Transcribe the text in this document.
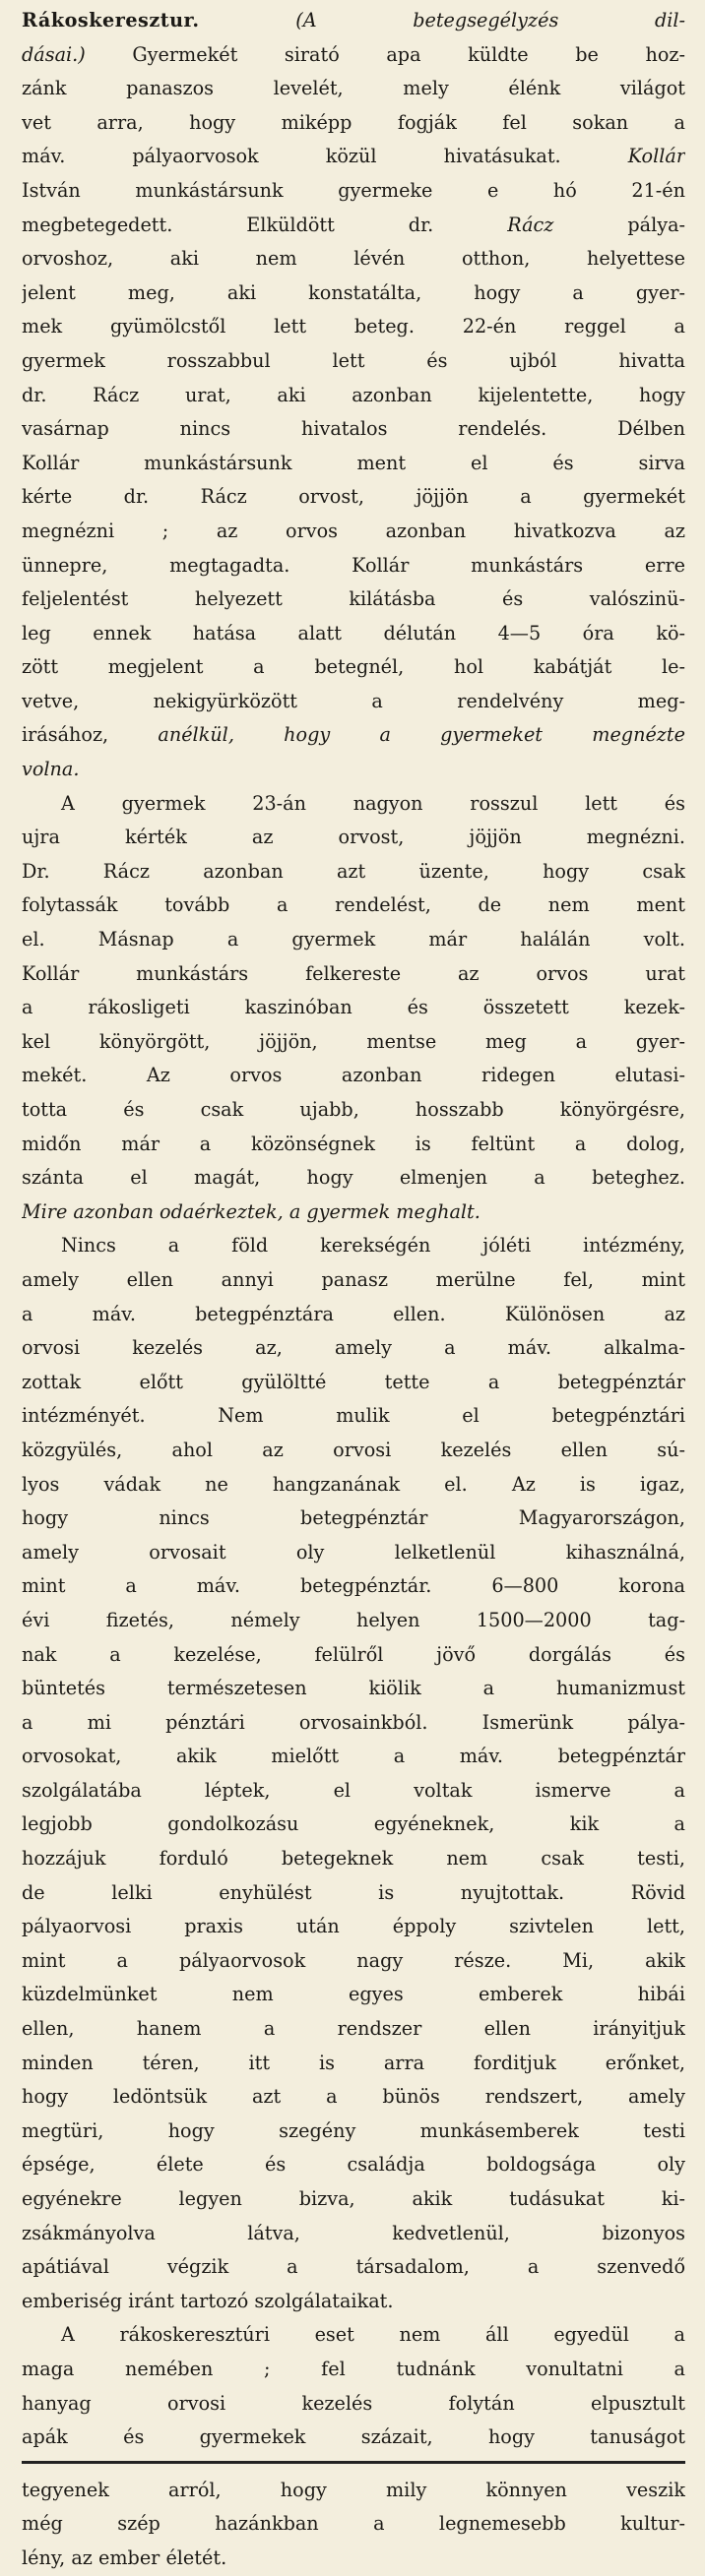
Rákoskeresztur. (A betegsegélyzés dil-
dásai.) Gyermekét sirató apa küldte be hoz-
zánk panaszos levelét, mely élénk világot
vet arra, hogy miképp fogják fel sokan a
máv. pályaorvosok közül hivatásukat. Kollár
István munkástársunk gyermeke e hó 21-én
megbetegedett. Elküldött dr. Rácz pálya-
orvoshoz, aki nem lévén otthon, helyettese
jelent meg, aki konstatálta, hogy a gyer-
mek gyümölcstől lett beteg. 22-én reggel a
gyermek rosszabbul lett és ujból hivatta
dr. Rácz urat, aki azonban kijelentette, hogy
vasárnap nincs hivatalos rendelés. Délben
Kollár munkástársunk ment el és sirva
kérte dr. Rácz orvost, jöjjön a gyermekét
megnézni ; az orvos azonban hivatkozva az
ünnepre, megtagadta. Kollár munkástárs erre
feljelentést helyezett kilátásba és valószinü-
leg ennek hatása alatt délután 4—5 óra kö-
zött megjelent a betegnél, hol kabátját le-
vetve, nekigyürközött a rendelvény meg-
irásához, anélkül, hogy a gyermeket megnézte
volna.
A gyermek 23-án nagyon rosszul lett és
ujra kérték az orvost, jöjjön megnézni.
Dr. Rácz azonban azt üzente, hogy csak
folytassák tovább a rendelést, de nem ment
el. Másnap a gyermek már halálán volt.
Kollár munkástárs felkereste az orvos urat
a rákosligeti kaszinóban és összetett kezek-
kel könyörgött, jöjjön, mentse meg a gyer-
mekét. Az orvos azonban ridegen elutasi-
totta és csak ujabb, hosszabb könyörgésre,
midőn már a közönségnek is feltünt a dolog,
szánta el magát, hogy elmenjen a beteghez.
Mire azonban odaérkeztek, a gyermek meghalt.
Nincs a föld kerekségén jóléti intézmény,
amely ellen annyi panasz merülne fel, mint
a máv. betegpénztára ellen. Különösen az
orvosi kezelés az, amely a máv. alkalma-
zottak előtt gyülöltté tette a betegpénztár
intézményét. Nem mulik el betegpénztári
közgyülés, ahol az orvosi kezelés ellen sú-
lyos vádak ne hangzanának el. Az is igaz,
hogy nincs betegpénztár Magyarországon,
amely orvosait oly lelketlenül kihasználná,
mint a máv. betegpénztár. 6—800 korona
évi fizetés, némely helyen 1500—2000 tag-
nak a kezelése, felülről jövő dorgálás és
büntetés természetesen kiölik a humanizmust
a mi pénztári orvosainkból. Ismerünk pálya-
orvosokat, akik mielőtt a máv. betegpénztár
szolgálatába léptek, el voltak ismerve a
legjobb gondolkozásu egyéneknek, kik a
hozzájuk forduló betegeknek nem csak testi,
de lelki enyhülést is nyujtottak. Rövid
pályaorvosi praxis után éppoly szivtelen lett,
mint a pályaorvosok nagy része. Mi, akik
küzdelmünket nem egyes emberek hibái
ellen, hanem a rendszer ellen irányitjuk
minden téren, itt is arra forditjuk erőnket,
hogy ledöntsük azt a bünös rendszert, amely
megtüri, hogy szegény munkásemberek testi
épsége, élete és családja boldogsága oly
egyénekre legyen bizva, akik tudásukat ki-
zsákmányolva látva, kedvetlenül, bizonyos
apátiával végzik a társadalom, a szenvedő
emberiség iránt tartozó szolgálataikat.
A rákoskeresztúri eset nem áll egyedül a
maga nemében ; fel tudnánk vonultatni a
hanyag orvosi kezelés folytán elpusztult
apák és gyermekek százait, hogy tanuságot
tegyenek arról, hogy mily könnyen veszik
még szép hazánkban a legnemesebb kultur-
lény, az ember életét.
